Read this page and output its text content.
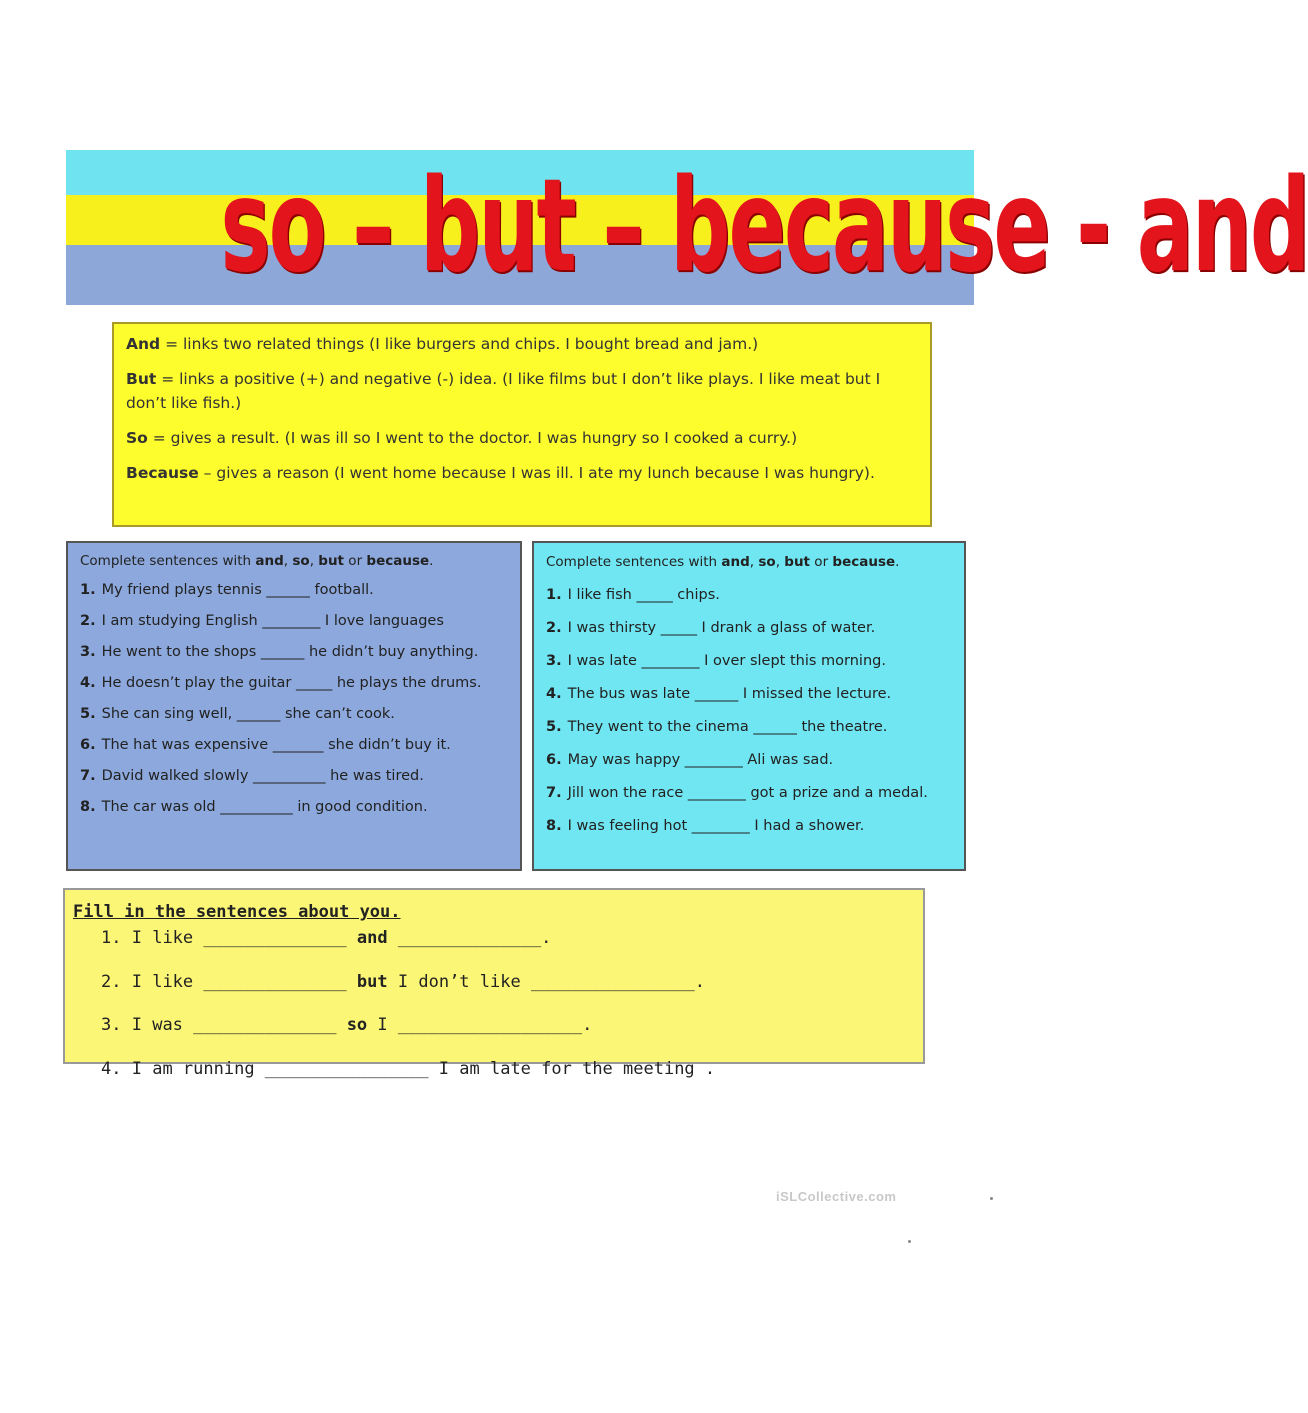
so – but – because - and

And = links two related things (I like burgers and chips. I bought bread and jam.)

But = links a positive (+) and negative (-) idea. (I like films but I don’t like plays. I like meat but I don’t like fish.)

So = gives a result. (I was ill so I went to the doctor. I was hungry so I cooked a curry.)

Because – gives a reason (I went home because I was ill. I ate my lunch because I was hungry).

Complete sentences with and, so, but or because.
1. My friend plays tennis ______ football.
2. I am studying English ________ I love languages
3. He went to the shops ______ he didn’t buy anything.
4. He doesn’t play the guitar _____ he plays the drums.
5. She can sing well, ______ she can’t cook.
6. The hat was expensive _______ she didn’t buy it.
7. David walked slowly __________ he was tired.
8. The car was old __________ in good condition.
Complete sentences with and, so, but or because.
1. I like fish _____ chips.
2. I was thirsty _____ I drank a glass of water.
3. I was late ________ I over slept this morning.
4. The bus was late ______ I missed the lecture.
5. They went to the cinema ______ the theatre.
6. May was happy ________ Ali was sad.
7. Jill won the race ________ got a prize and a medal.
8. I was feeling hot ________ I had a shower.
Fill in the sentences about you.
1. I like ______________ and ______________.
2. I like ______________ but I don’t like ________________.
3. I was ______________ so I __________________.
4. I am running ________________ I am late for the meeting .
iSLCollective.com
